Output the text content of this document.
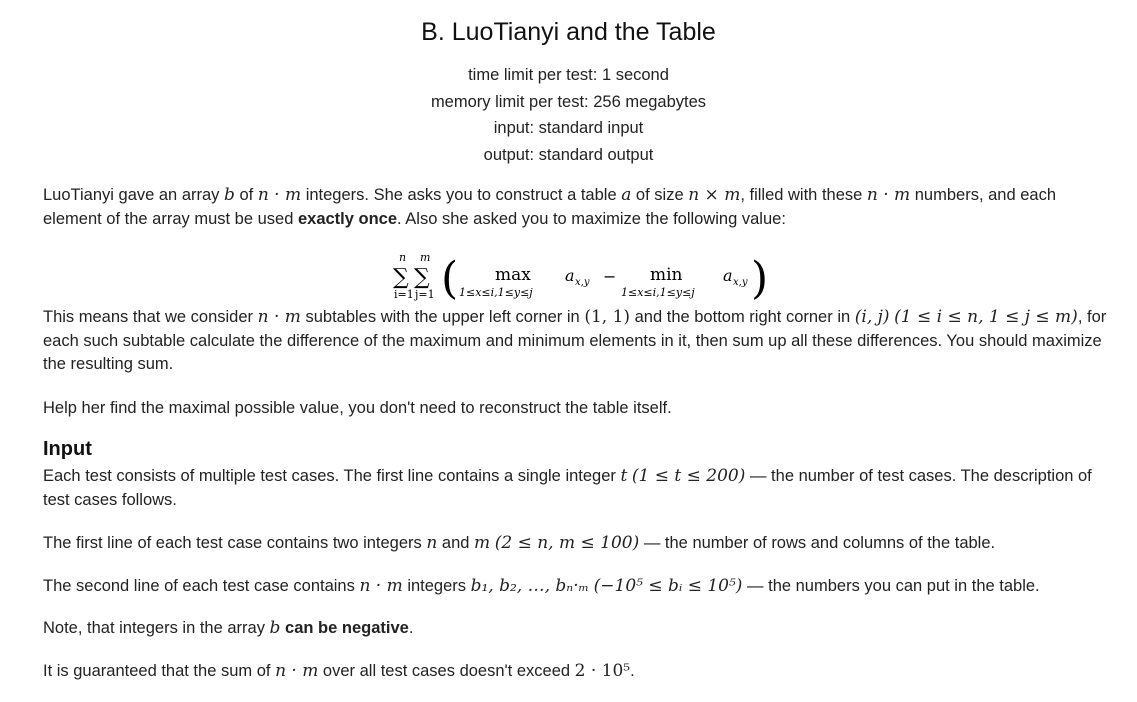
B. LuoTianyi and the Table
time limit per test: 1 second
memory limit per test: 256 megabytes
input: standard input
output: standard output
LuoTianyi gave an array b of n · m integers. She asks you to construct a table a of size n × m, filled with these n · m numbers, and each element of the array must be used exactly once. Also she asked you to maximize the following value:
n m
∑ ∑
i=1 j=1 ( max
1≤x≤i,1≤y≤j
a x,y − min
1≤x≤i,1≤y≤j
a x,y )
This means that we consider n · m subtables with the upper left corner in (1, 1) and the bottom right corner in (i, j) (1 ≤ i ≤ n, 1 ≤ j ≤ m), for each such subtable calculate the difference of the maximum and minimum elements in it, then sum up all these differences. You should maximize the resulting sum.
Help her find the maximal possible value, you don't need to reconstruct the table itself.
Input
Each test consists of multiple test cases. The first line contains a single integer t (1 ≤ t ≤ 200) — the number of test cases. The description of test cases follows.
The first line of each test case contains two integers n and m (2 ≤ n, m ≤ 100) — the number of rows and columns of the table.
The second line of each test case contains n · m integers b₁, b₂, …, bₙ·ₘ (−10⁵ ≤ bᵢ ≤ 10⁵) — the numbers you can put in the table.
Note, that integers in the array b can be negative.
It is guaranteed that the sum of n · m over all test cases doesn't exceed 2 · 10⁵.
